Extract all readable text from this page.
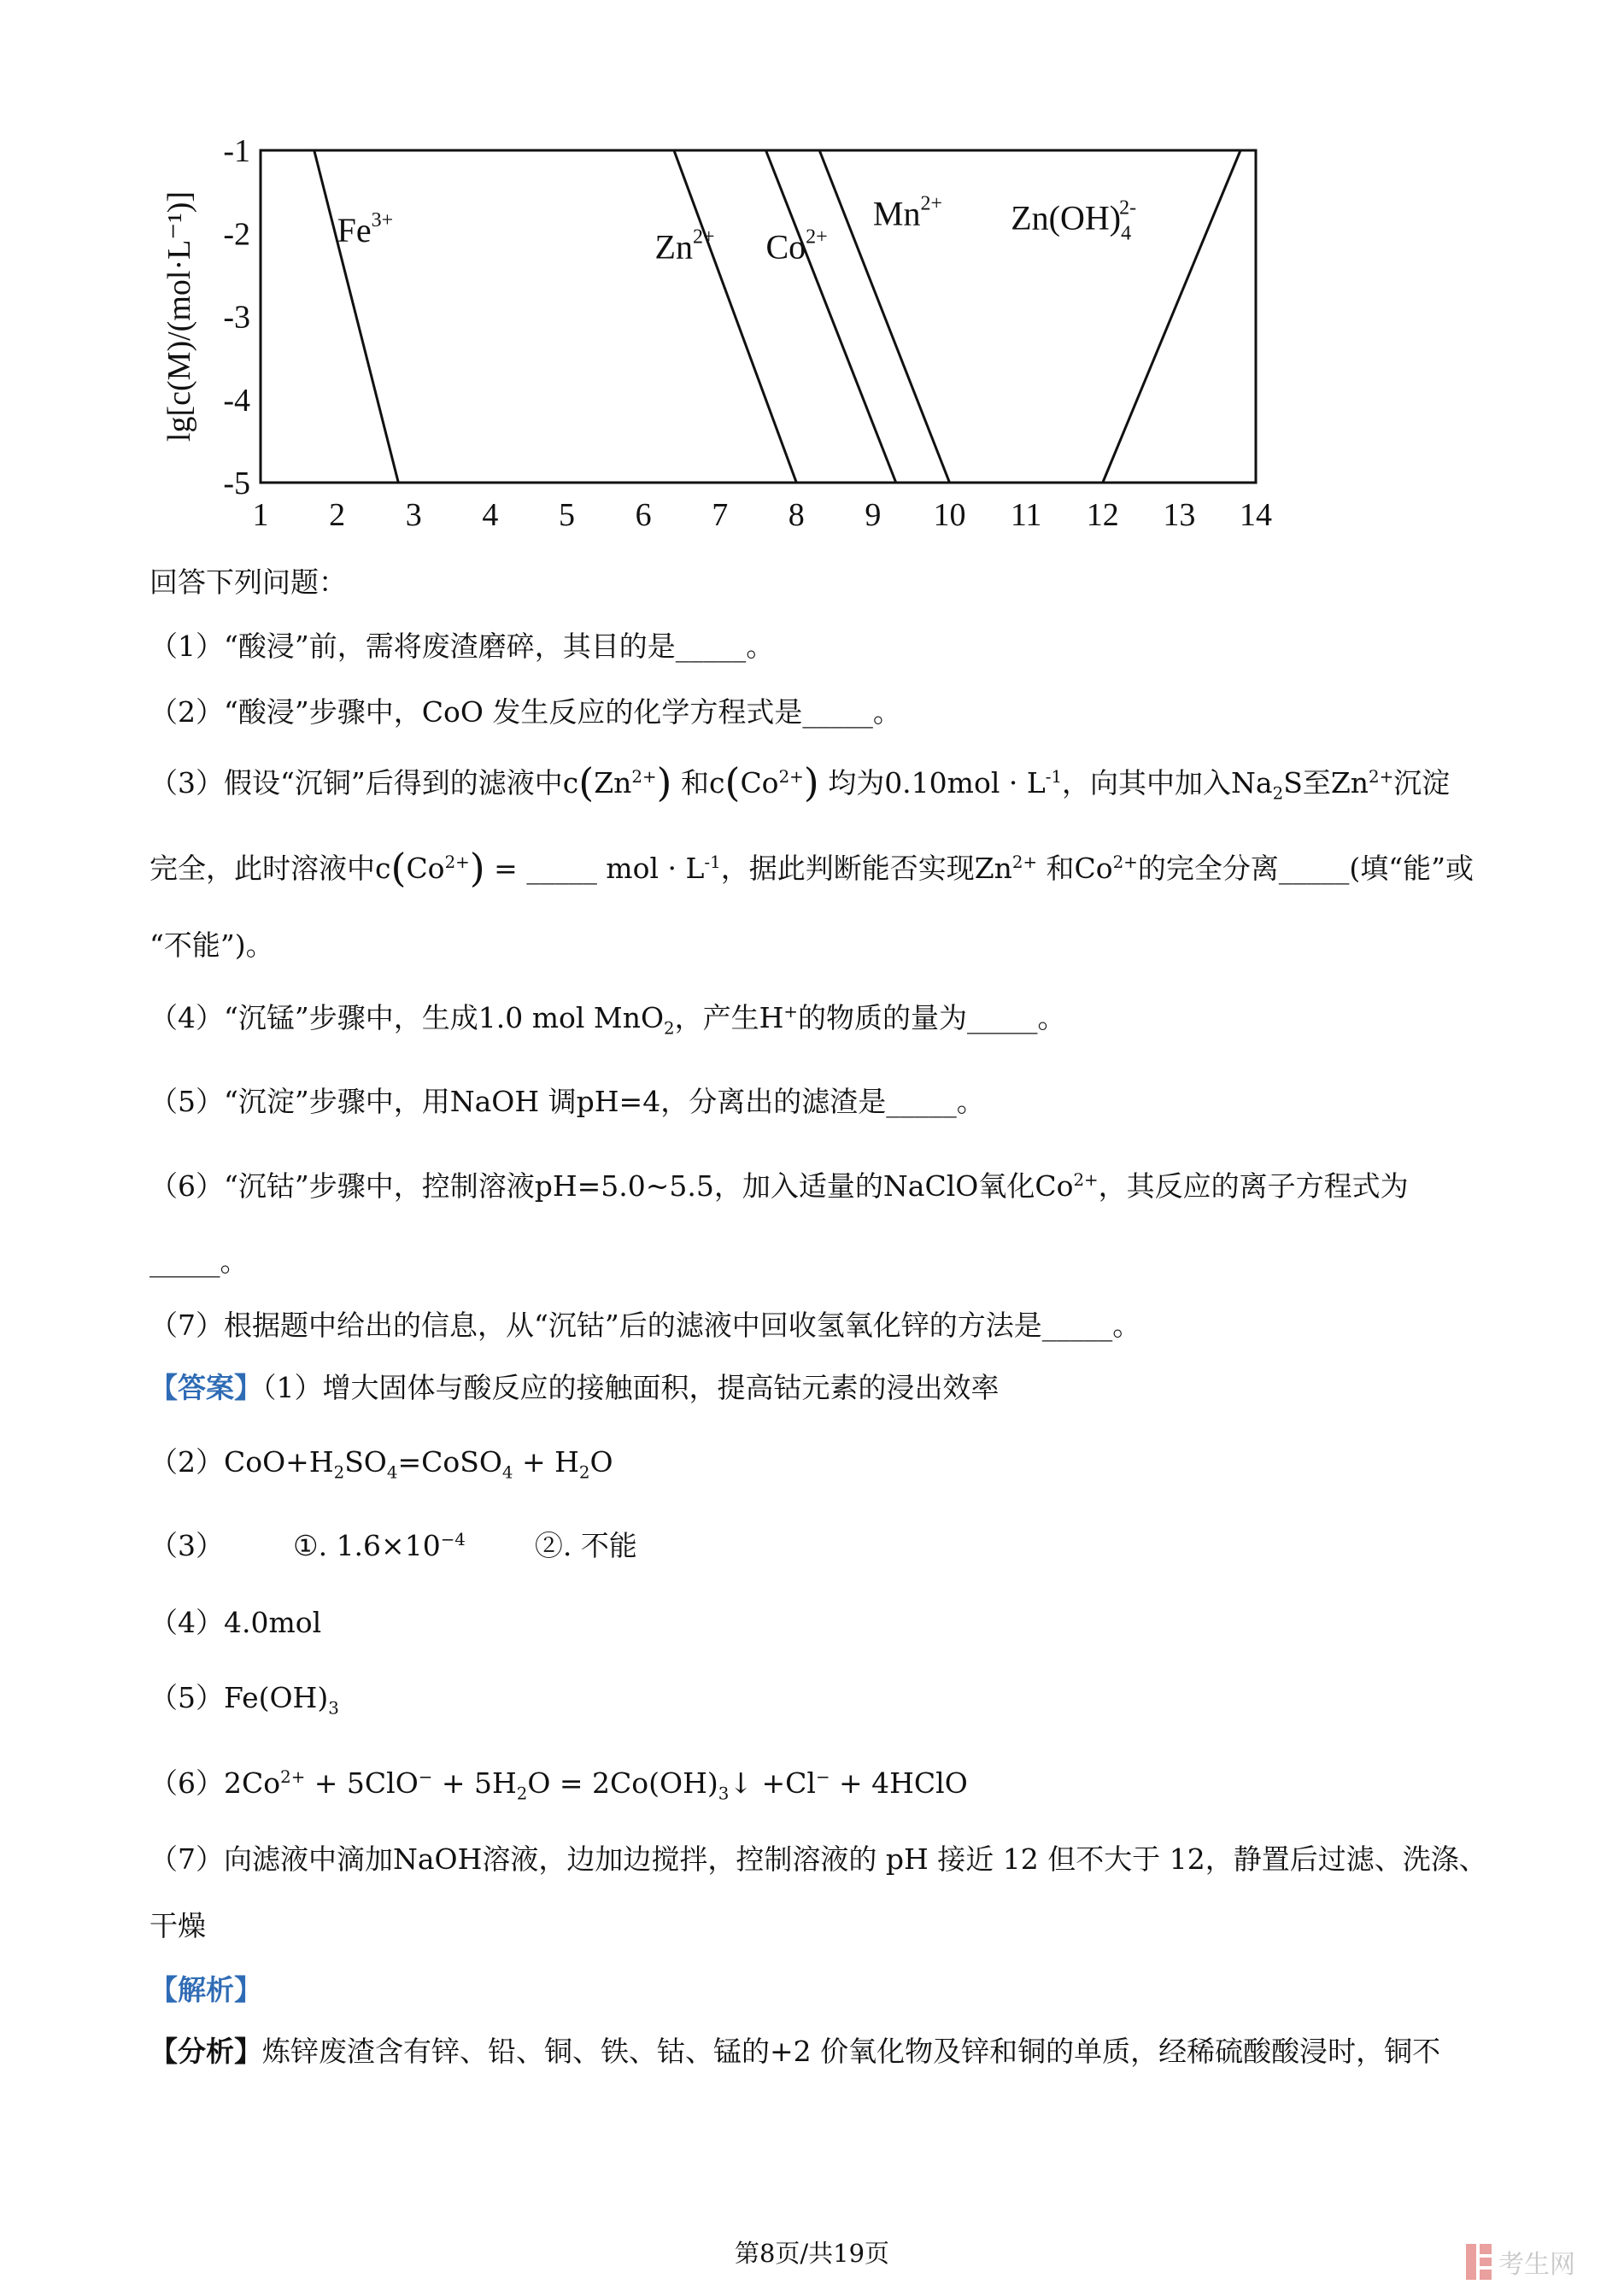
1 2 3 4 5 6 7 8 9 10 11 12 13 14
-1
-2
-3
-4
-5
lg[c(M)/(mol·L⁻¹)]	$Fe^{3+}$
$Zn^{2+}$ $Co^{2+}$
$Mn^{2+}$ $Zn(OH)_42-$
回答下列问题：
（1）“酸浸”前，需将废渣磨碎，其目的是_____。
（2）“酸浸”步骤中，CoO 发生反应的化学方程式是_____。
（3）假设“沉铜”后得到的滤液中$c(Zn^{2+})$ 和$c(Co^{2+})$ 均为$0.10mol \cdot L^{-1}$，向其中加入$Na_2S$至$Zn^{2+}$沉淀
完全，此时溶液中$c(Co^{2+})$ = _____ mol · $L^{-1}$，据此判断能否实现$Zn^{2+}$ 和$Co^{2+}$的完全分离_____(填“能”或
“不能”)。
（4）“沉锰”步骤中，生成1.0 mol MnO$_2$，产生H+的物质的量为_____。
（5）“沉淀”步骤中，用NaOH 调pH=4，分离出的滤渣是_____。
（6）“沉钴”步骤中，控制溶液pH=5.0~5.5，加入适量的NaClO氧化$Co^{2+}$，其反应的离子方程式为
_____。
（7）根据题中给出的信息，从“沉钴”后的滤液中回收氢氧化锌的方法是_____。
【答案】（1）增大固体与酸反应的接触面积，提高钴元素的浸出效率
$(2)CoO+H_2SO_4=CoSO_4 + H_2O$
（3） ①. $1.6\times 10^{-4}$ ②. 不能
（4）4.0mol
$(5)Fe(OH)_3$
$(6)2Co^{2+} + 5ClO^- + 5H_2O$ = $2Co(OH)_3↓ +Cl^-$ + 4HClO
（7）向滤液中滴加NaOH溶液，边加边搅拌，控制溶液的 pH 接近 12 但不大于 12，静置后过滤、洗涤、
干燥
【解析】
【分析】炼锌废渣含有锌、铅、铜、铁、钴、锰的+2 价氧化物及锌和铜的单质，经稀硫酸酸浸时，铜不
第8页/共19页	考生网
